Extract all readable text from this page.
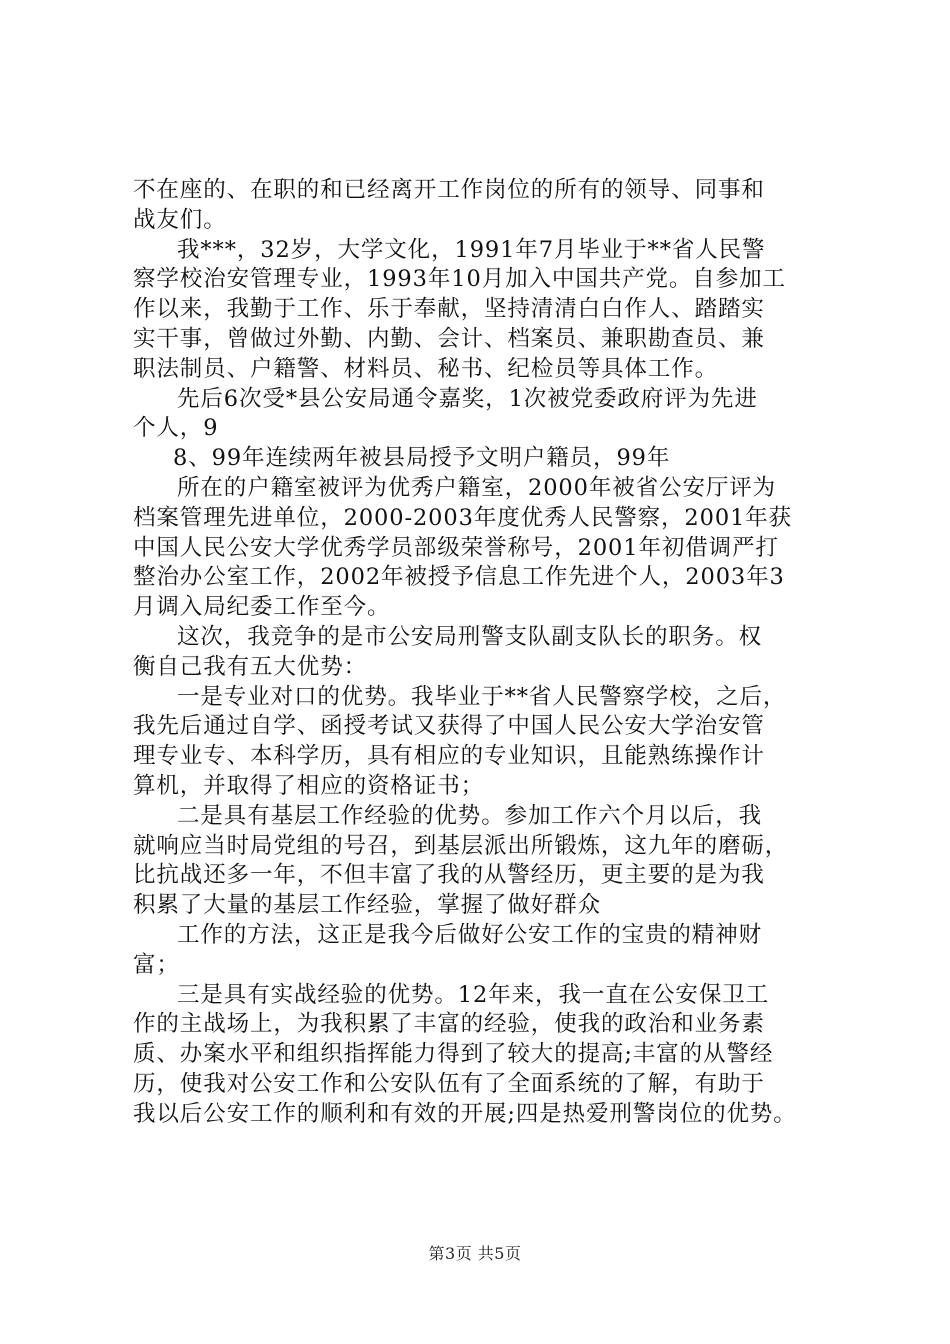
不在座的、在职的和已经离开工作岗位的所有的领导、同事和
战友们。
我***，32岁，大学文化，1991年7月毕业于**省人民警
察学校治安管理专业，1993年10月加入中国共产党。自参加工
作以来，我勤于工作、乐于奉献，坚持清清白白作人、踏踏实
实干事，曾做过外勤、内勤、会计、档案员、兼职勘查员、兼
职法制员、户籍警、材料员、秘书、纪检员等具体工作。
先后6次受*县公安局通令嘉奖，1次被党委政府评为先进
个人，9
8、99年连续两年被县局授予文明户籍员，99年
所在的户籍室被评为优秀户籍室，2000年被省公安厅评为
档案管理先进单位，2000-2003年度优秀人民警察，2001年获
中国人民公安大学优秀学员部级荣誉称号，2001年初借调严打
整治办公室工作，2002年被授予信息工作先进个人，2003年3
月调入局纪委工作至今。
这次，我竞争的是市公安局刑警支队副支队长的职务。权
衡自己我有五大优势：
一是专业对口的优势。我毕业于**省人民警察学校，之后，
我先后通过自学、函授考试又获得了中国人民公安大学治安管
理专业专、本科学历，具有相应的专业知识，且能熟练操作计
算机，并取得了相应的资格证书；
二是具有基层工作经验的优势。参加工作六个月以后，我
就响应当时局党组的号召，到基层派出所锻炼，这九年的磨砺，
比抗战还多一年，不但丰富了我的从警经历，更主要的是为我
积累了大量的基层工作经验，掌握了做好群众
工作的方法，这正是我今后做好公安工作的宝贵的精神财
富；
三是具有实战经验的优势。12年来，我一直在公安保卫工
作的主战场上，为我积累了丰富的经验，使我的政治和业务素
质、办案水平和组织指挥能力得到了较大的提高;丰富的从警经
历，使我对公安工作和公安队伍有了全面系统的了解，有助于
我以后公安工作的顺利和有效的开展;四是热爱刑警岗位的优势。
第3页 共5页
